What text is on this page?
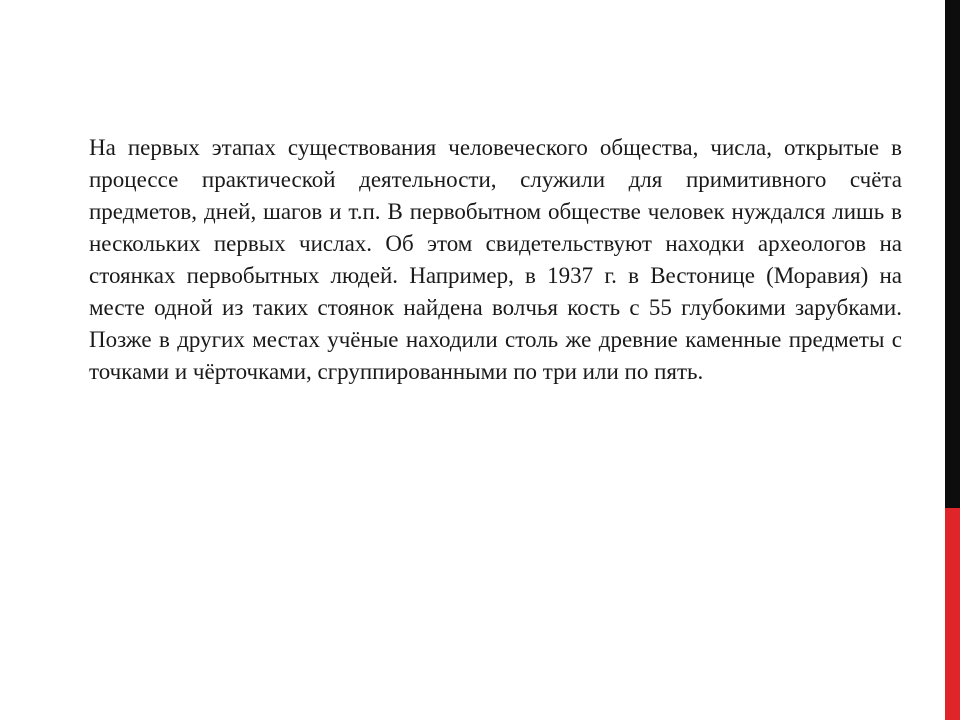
На первых этапах существования человеческого общества, числа, открытые в процессе практической деятельности, служили для примитивного счёта предметов, дней, шагов и т.п. В первобытном обществе человек нуждался лишь в нескольких первых числах. Об этом свидетельствуют находки археологов на стоянках первобытных людей. Например, в 1937 г. в Вестонице (Моравия) на месте одной из таких стоянок найдена волчья кость с 55 глубокими зарубками. Позже в других местах учёные находили столь же древние каменные предметы с точками и чёрточками, сгруппированными по три или по пять.
